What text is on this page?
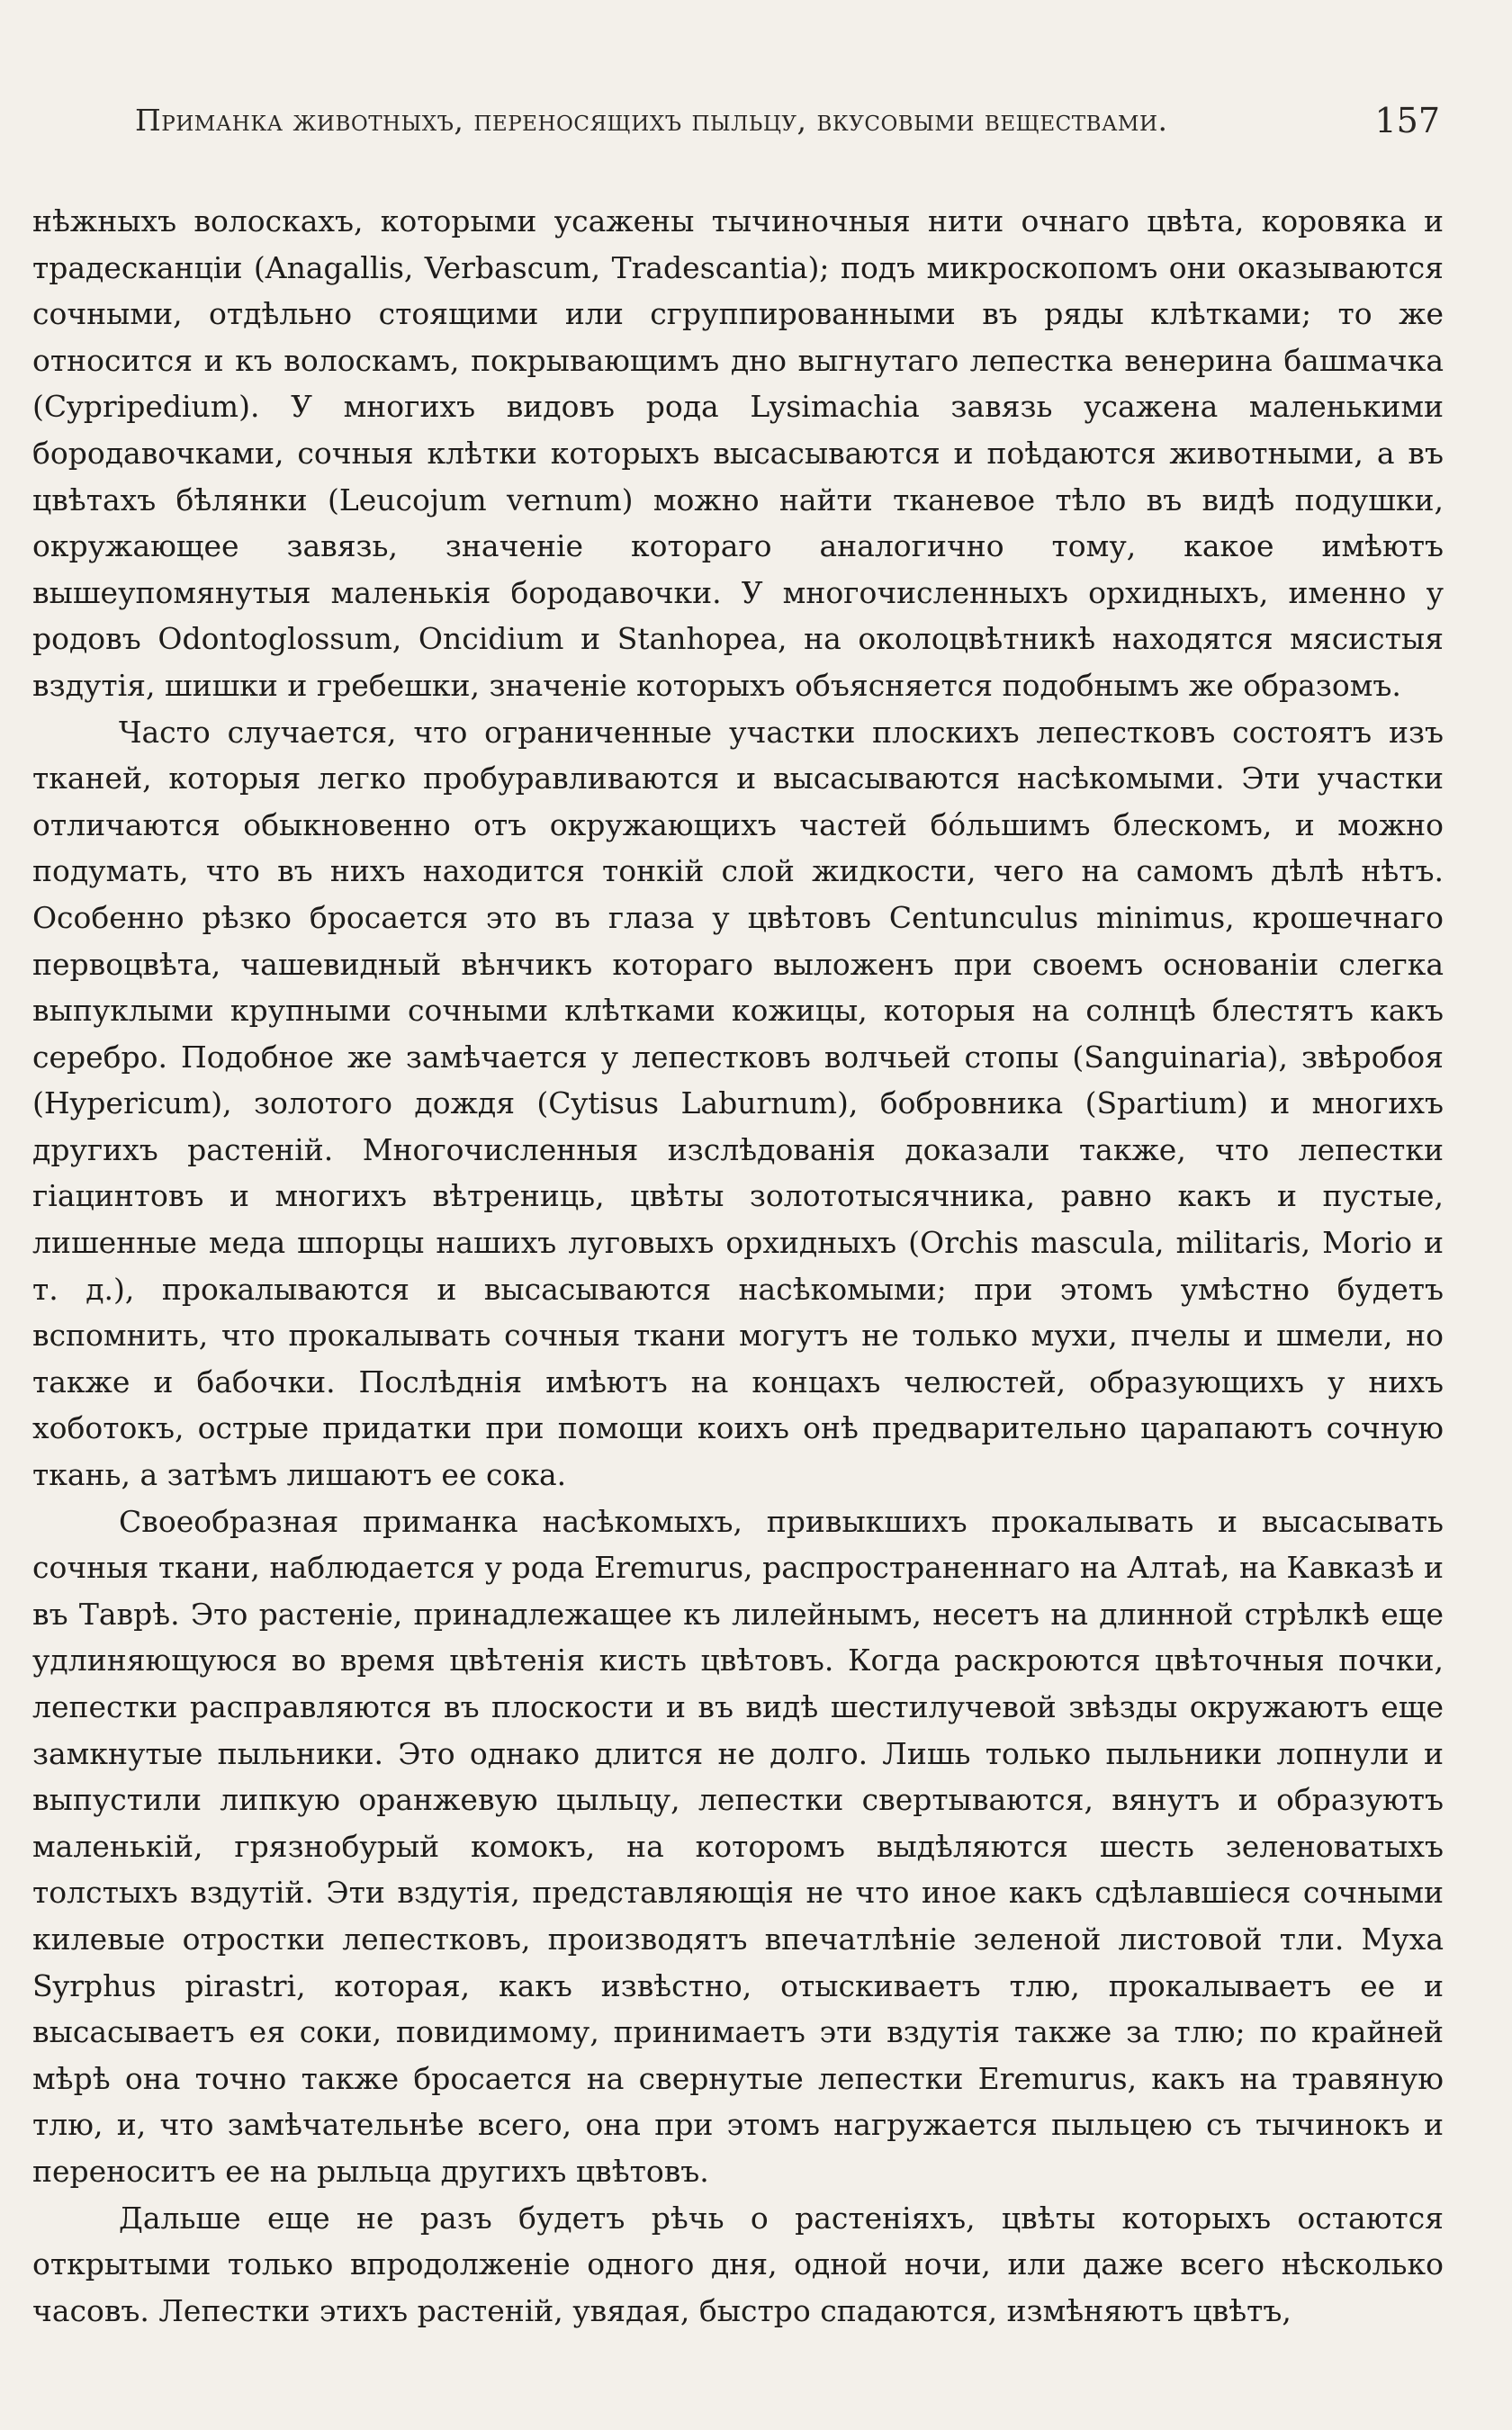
Приманка животныхъ, переносящихъ пыльцу, вкусовыми веществами.	157

нѣжныхъ волоскахъ, которыми усажены тычиночныя нити очнаго цвѣта, коровяка и традесканціи (Anagallis, Verbascum, Tradescantia); подъ микроскопомъ они оказываются сочными, отдѣльно стоящими или сгруппированными въ ряды клѣтками; то же относится и къ волоскамъ, покрывающимъ дно выгнутаго лепестка венерина башмачка (Cypripedium). У многихъ видовъ рода Lysimachia завязь усажена маленькими бородавочками, сочныя клѣтки которыхъ высасываются и поѣдаются животными, а въ цвѣтахъ бѣлянки (Leucojum vernum) можно найти тканевое тѣло въ видѣ подушки, окружающее завязь, значеніе котораго аналогично тому, какое имѣютъ вышеупомянутыя маленькія бородавочки. У многочисленныхъ орхидныхъ, именно у родовъ Odontoglossum, Oncidium и Stanhopea, на околоцвѣтникѣ находятся мясистыя вздутія, шишки и гребешки, значеніе которыхъ объясняется подобнымъ же образомъ.

Часто случается, что ограниченные участки плоскихъ лепестковъ состоятъ изъ тканей, которыя легко пробуравливаются и высасываются насѣкомыми. Эти участки отличаются обыкновенно отъ окружающихъ частей бо́льшимъ блескомъ, и можно подумать, что въ нихъ находится тонкій слой жидкости, чего на самомъ дѣлѣ нѣтъ. Особенно рѣзко бросается это въ глаза у цвѣтовъ Centunculus minimus, крошечнаго первоцвѣта, чашевидный вѣнчикъ котораго выложенъ при своемъ основаніи слегка выпуклыми крупными сочными клѣтками кожицы, которыя на солнцѣ блестятъ какъ серебро. Подобное же замѣчается у лепестковъ волчьей стопы (Sanguinaria), звѣробоя (Hypericum), золотого дождя (Cytisus Laburnum), бобровника (Spartium) и многихъ другихъ растеній. Многочисленныя изслѣдованія доказали также, что лепестки гіацинтовъ и многихъ вѣтрениць, цвѣты золототысячника, равно какъ и пустые, лишенные меда шпорцы нашихъ луговыхъ орхидныхъ (Orchis mascula, militaris, Morio и т. д.), прокалываются и высасываются насѣкомыми; при этомъ умѣстно будетъ вспомнить, что прокалывать сочныя ткани могутъ не только мухи, пчелы и шмели, но также и бабочки. Послѣднія имѣютъ на концахъ челюстей, образующихъ у нихъ хоботокъ, острые придатки при помощи коихъ онѣ предварительно царапаютъ сочную ткань, а затѣмъ лишаютъ ее сока.

Своеобразная приманка насѣкомыхъ, привыкшихъ прокалывать и высасывать сочныя ткани, наблюдается у рода Eremurus, распространеннаго на Алтаѣ, на Кавказѣ и въ Таврѣ. Это растеніе, принадлежащее къ лилейнымъ, несетъ на длинной стрѣлкѣ еще удлиняющуюся во время цвѣтенія кисть цвѣтовъ. Когда раскроются цвѣточныя почки, лепестки расправляются въ плоскости и въ видѣ шестилучевой звѣзды окружаютъ еще замкнутые пыльники. Это однако длится не долго. Лишь только пыльники лопнули и выпустили липкую оранжевую цыльцу, лепестки свертываются, вянутъ и образуютъ маленькій, грязнобурый комокъ, на которомъ выдѣляются шесть зеленоватыхъ толстыхъ вздутій. Эти вздутія, представляющія не что иное какъ сдѣлавшіеся сочными килевые отростки лепестковъ, производятъ впечатлѣніе зеленой листовой тли. Муха Syrphus pirastri, которая, какъ извѣстно, отыскиваетъ тлю, прокалываетъ ее и высасываетъ ея соки, повидимому, принимаетъ эти вздутія также за тлю; по крайней мѣрѣ она точно также бросается на свернутые лепестки Eremurus, какъ на травяную тлю, и, что замѣчательнѣе всего, она при этомъ нагружается пыльцею съ тычинокъ и переноситъ ее на рыльца другихъ цвѣтовъ.

Дальше еще не разъ будетъ рѣчь о растеніяхъ, цвѣты которыхъ остаются открытыми только впродолженіе одного дня, одной ночи, или даже всего нѣсколько часовъ. Лепестки этихъ растеній, увядая, быстро спадаются, измѣняютъ цвѣтъ,
